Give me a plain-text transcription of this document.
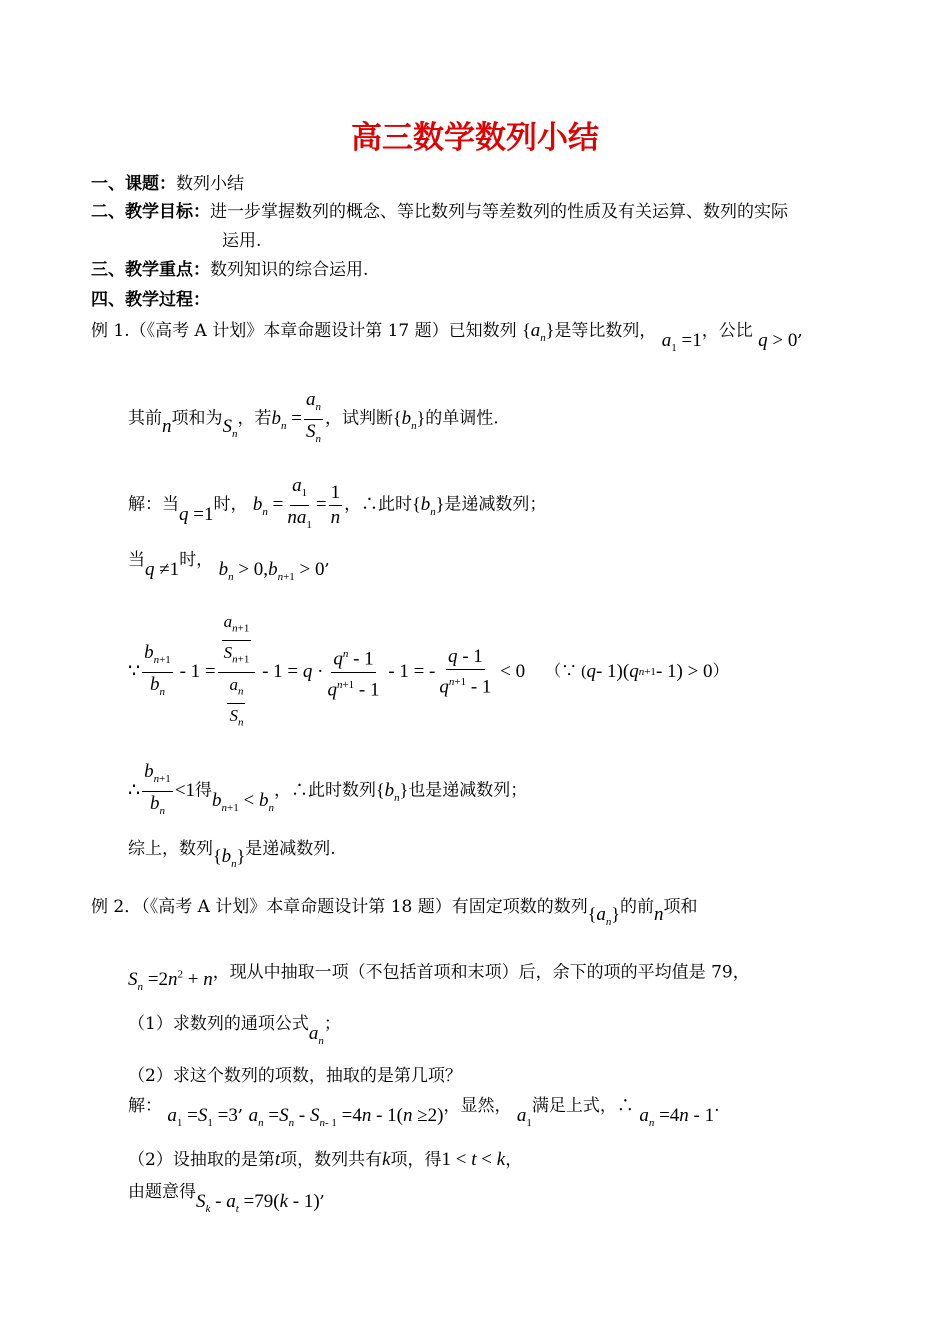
高三数学数列小结
一、课题：数列小结
二、教学目标：进一步掌握数列的概念、等比数列与等差数列的性质及有关运算、数列的实际
运用.
三、教学重点：数列知识的综合运用.
四、教学过程：
例 1.（《高考 A 计划》本章命题设计第 17 题）已知数列 $\{a_n\}$是等比数列， $a_1 =1$，公比 q > 0,
其前n项和为$S_n$，若$b_n = \frac{a_n}{S_n}$ ，试判断$\{b_n\}$的单调性.
解：当q =1时， $b_n = \frac{a_1}{na_1} = \frac{1}{n}$ ，∴此时$\{b_n\}$是递减数列；
当q ≠1时， $b_n > 0,b_{n+1} > 0$,
∵
$b_{n+1}$
$b_n$
- $1 = \frac{a_{n+1}}{S_{n+1}}$
$\frac{a_n}{S_n}$
- 1 = q ·
$q^n - 1$
$q^{n+1} - 1$
- 1 = -
q - 1
$q^{n+1} - 1$
< 0 （∵ ( q - 1)( q n+1 - 1) > 0 ）
∴ $\frac{b_{n+1}}{b_n} <1$得$b_{n+1} < b_n$，∴此时数列$\{b_n\}$也是递减数列；
综上，数列$\{b_n\}$是递减数列.
例 2．（《高考 A 计划》本章命题设计第 18 题）有固定项数的数列$\{a_n\}$的前n项和
$S_n =2n^2 + n$，现从中抽取一项（不包括首项和末项）后，余下的项的平均值是 79，
（1）求数列的通项公式$a_n$；
（2）求这个数列的项数，抽取的是第几项？
解： $a_1 =S_1 =3$, $a_n =S_n - S_{n- 1} =4n - 1(n \ge 2)$，显然， $a_1$满足上式，∴ $a_n =4n - 1$.
（2）设抽取的是第t项，数列共有k项，得1 < t < k，
由题意得$S_k - a_t =79(k - 1)$,
